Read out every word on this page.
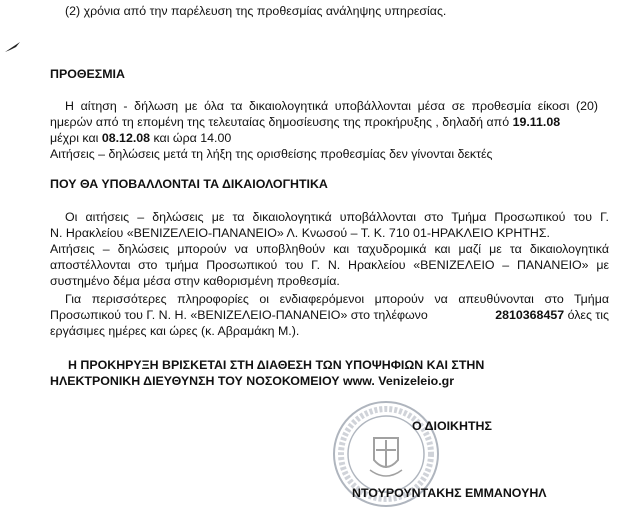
(2) χρόνια από την παρέλευση της προθεσμίας ανάληψης υπηρεσίας.
ΠΡΟΘΕΣΜΙΑ
Η αίτηση - δήλωση με όλα τα δικαιολογητικά υποβάλλονται μέσα σε προθεσμία είκοσι (20)
ημερών από τη επομένη της τελευταίας δημοσίευσης της προκήρυξης , δηλαδή από 19.11.08
μέχρι και 08.12.08 και ώρα 14.00
Αιτήσεις – δηλώσεις μετά τη λήξη της ορισθείσης προθεσμίας δεν γίνονται δεκτές
ΠΟΥ ΘΑ ΥΠΟΒΑΛΛΟΝΤΑΙ ΤΑ ΔΙΚΑΙΟΛΟΓΗΤΙΚΑ
Οι αιτήσεις – δηλώσεις με τα δικαιολογητικά υποβάλλονται στο Τμήμα Προσωπικού του Γ.
Ν. Ηρακλείου «ΒΕΝΙΖΕΛΕΙΟ-ΠΑΝΑΝΕΙΟ» Λ. Κνωσού – Τ. Κ. 710 01-ΗΡΑΚΛΕΙΟ ΚΡΗΤΗΣ.
Αιτήσεις – δηλώσεις μπορούν να υποβληθούν και ταχυδρομικά και μαζί με τα δικαιολογητικά
αποστέλλονται στο τμήμα Προσωπικού του Γ. Ν. Ηρακλείου «ΒΕΝΙΖΕΛΕΙΟ – ΠΑΝΑΝΕΙΟ» με
συστημένο δέμα μέσα στην καθορισμένη προθεσμία.
Για περισσότερες πληροφορίες οι ενδιαφερόμενοι μπορούν να απευθύνονται στο Τμήμα
Προσωπικού του Γ. Ν. Η. «ΒΕΝΙΖΕΛΕΙΟ-ΠΑΝΑΝΕΙΟ» στο τηλέφωνο	2810368457 όλες τις
εργάσιμες ημέρες και ώρες (κ. Αβραμάκη Μ.).
Η ΠΡΟΚΗΡΥΞΗ ΒΡΙΣΚΕΤΑΙ ΣΤΗ ΔΙΑΘΕΣΗ ΤΩΝ ΥΠΟΨΗΦΙΩΝ ΚΑΙ ΣΤΗΝ
ΗΛΕΚΤΡΟΝΙΚΗ ΔΙΕΥΘΥΝΣΗ ΤΟΥ ΝΟΣΟΚΟΜΕΙΟΥ www. Venizeleio.gr
Ο ΔΙΟΙΚΗΤΗΣ
ΝΤΟΥΡΟΥΝΤΑΚΗΣ ΕΜΜΑΝΟΥΗΛ
